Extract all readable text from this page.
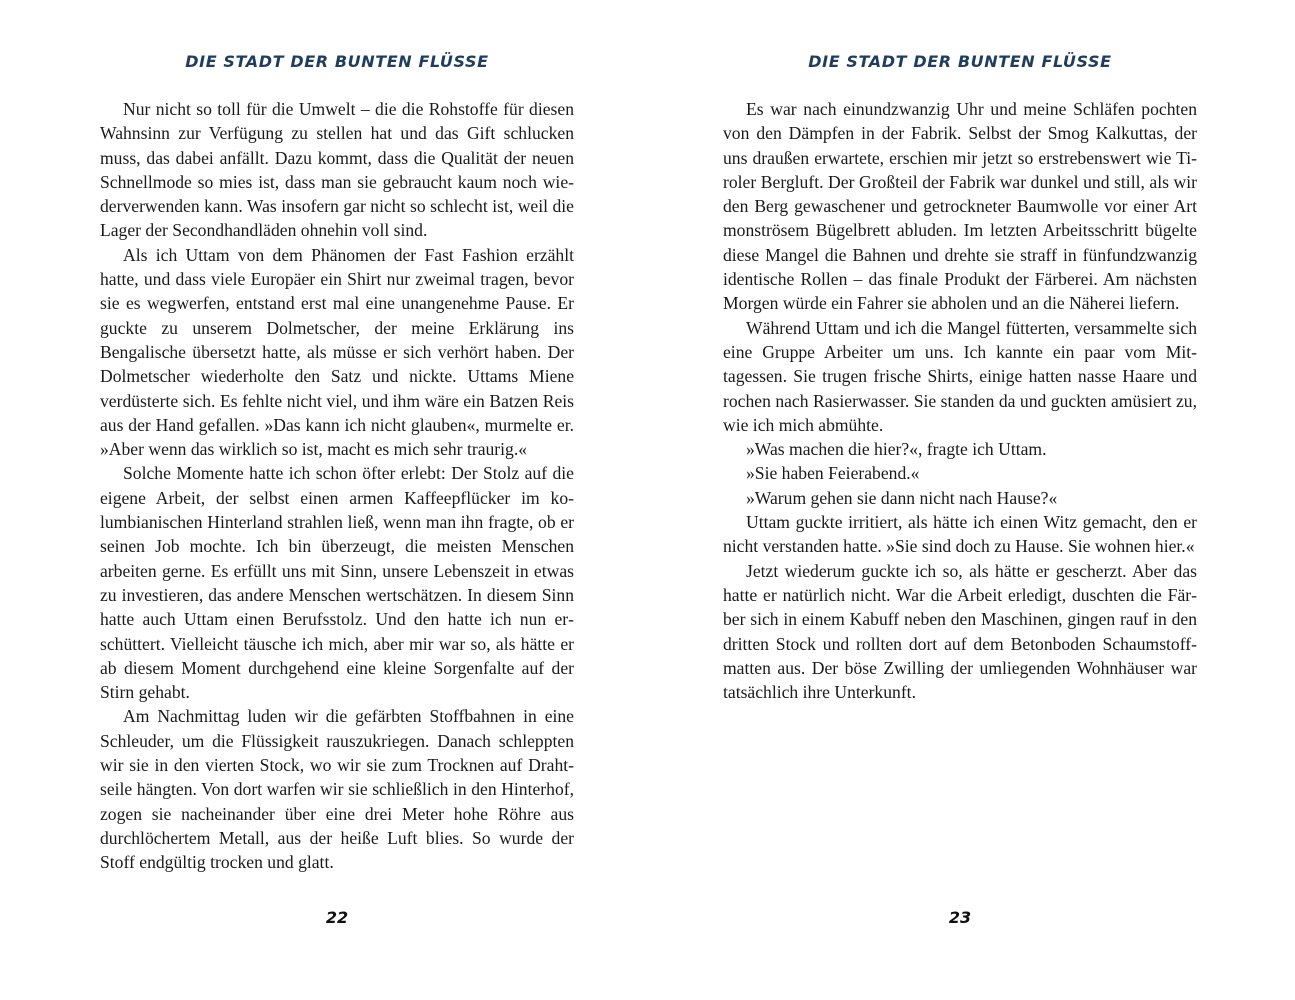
DIE STADT DER BUNTEN FLÜSSE

Nur nicht so toll für die Umwelt – die die Rohstoffe für diesen Wahnsinn zur Verfügung zu stellen hat und das Gift schlucken muss, das dabei anfällt. Dazu kommt, dass die Qualität der neuen Schnellmode so mies ist, dass man sie gebraucht kaum noch wiederverwenden kann. Was insofern gar nicht so schlecht ist, weil die Lager der Secondhandläden ohnehin voll sind.

Als ich Uttam von dem Phänomen der Fast Fashion erzählt hatte, und dass viele Europäer ein Shirt nur zweimal tragen, bevor sie es wegwerfen, entstand erst mal eine unangenehme Pause. Er guckte zu unserem Dolmetscher, der meine Erklärung ins Bengalische übersetzt hatte, als müsse er sich verhört haben. Der Dolmetscher wiederholte den Satz und nickte. Uttams Miene verdüsterte sich. Es fehlte nicht viel, und ihm wäre ein Batzen Reis aus der Hand gefallen. »Das kann ich nicht glauben«, murmelte er. »Aber wenn das wirklich so ist, macht es mich sehr traurig.«

Solche Momente hatte ich schon öfter erlebt: Der Stolz auf die eigene Arbeit, der selbst einen armen Kaffeepflücker im kolumbianischen Hinterland strahlen ließ, wenn man ihn fragte, ob er seinen Job mochte. Ich bin überzeugt, die meisten Menschen arbeiten gerne. Es erfüllt uns mit Sinn, unsere Lebenszeit in etwas zu investieren, das andere Menschen wertschätzen. In diesem Sinn hatte auch Uttam einen Berufsstolz. Und den hatte ich nun erschüttert. Vielleicht täusche ich mich, aber mir war so, als hätte er ab diesem Moment durchgehend eine kleine Sorgenfalte auf der Stirn gehabt.

Am Nachmittag luden wir die gefärbten Stoffbahnen in eine Schleuder, um die Flüssigkeit rauszukriegen. Danach schleppten wir sie in den vierten Stock, wo wir sie zum Trocknen auf Drahtseile hängten. Von dort warfen wir sie schließlich in den Hinterhof, zogen sie nacheinander über eine drei Meter hohe Röhre aus durchlöchertem Metall, aus der heiße Luft blies. So wurde der Stoff endgültig trocken und glatt.

22
DIE STADT DER BUNTEN FLÜSSE

Es war nach einundzwanzig Uhr und meine Schläfen pochten von den Dämpfen in der Fabrik. Selbst der Smog Kalkuttas, der uns draußen erwartete, erschien mir jetzt so erstrebenswert wie Tiroler Bergluft. Der Großteil der Fabrik war dunkel und still, als wir den Berg gewaschener und getrockneter Baumwolle vor einer Art monströsem Bügelbrett abluden. Im letzten Arbeitsschritt bügelte diese Mangel die Bahnen und drehte sie straff in fünfundzwanzig identische Rollen – das finale Produkt der Färberei. Am nächsten Morgen würde ein Fahrer sie abholen und an die Näherei liefern.

Während Uttam und ich die Mangel fütterten, versammelte sich eine Gruppe Arbeiter um uns. Ich kannte ein paar vom Mittagessen. Sie trugen frische Shirts, einige hatten nasse Haare und rochen nach Rasierwasser. Sie standen da und guckten amüsiert zu, wie ich mich abmühte.

»Was machen die hier?«, fragte ich Uttam.

»Sie haben Feierabend.«

»Warum gehen sie dann nicht nach Hause?«

Uttam guckte irritiert, als hätte ich einen Witz gemacht, den er nicht verstanden hatte. »Sie sind doch zu Hause. Sie wohnen hier.«

Jetzt wiederum guckte ich so, als hätte er gescherzt. Aber das hatte er natürlich nicht. War die Arbeit erledigt, duschten die Färber sich in einem Kabuff neben den Maschinen, gingen rauf in den dritten Stock und rollten dort auf dem Betonboden Schaumstoffmatten aus. Der böse Zwilling der umliegenden Wohnhäuser war tatsächlich ihre Unterkunft.

23
